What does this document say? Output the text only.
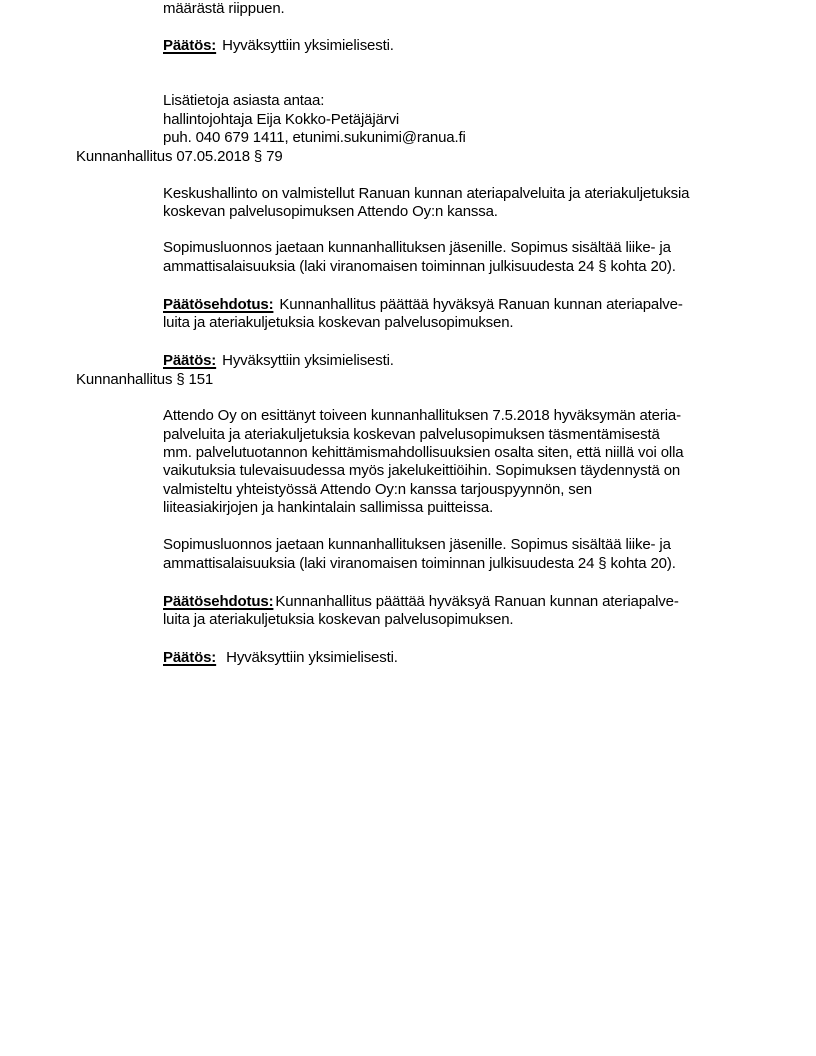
määrästä riippuen.
Päätös: Hyväksyttiin yksimielisesti.
Lisätietoja asiasta antaa:
hallintojohtaja Eija Kokko-Petäjäjärvi
puh. 040 679 1411, etunimi.sukunimi@ranua.fi
Kunnanhallitus 07.05.2018 § 79
Keskushallinto on valmistellut Ranuan kunnan ateriapalveluita ja ateriakuljetuksia
koskevan palvelusopimuksen Attendo Oy:n kanssa.
Sopimusluonnos jaetaan kunnanhallituksen jäsenille. Sopimus sisältää liike- ja
ammattisalaisuuksia (laki viranomaisen toiminnan julkisuudesta 24 § kohta 20).
Päätösehdotus: Kunnanhallitus päättää hyväksyä Ranuan kunnan ateriapalve-
luita ja ateriakuljetuksia koskevan palvelusopimuksen.
Päätös: Hyväksyttiin yksimielisesti.
Kunnanhallitus § 151
Attendo Oy on esittänyt toiveen kunnanhallituksen 7.5.2018 hyväksymän ateria-
palveluita ja ateriakuljetuksia koskevan palvelusopimuksen täsmentämisestä
mm. palvelutuotannon kehittämismahdollisuuksien osalta siten, että niillä voi olla
vaikutuksia tulevaisuudessa myös jakelukeittiöihin. Sopimuksen täydennystä on
valmisteltu yhteistyössä Attendo Oy:n kanssa tarjouspyynnön, sen
liiteasiakirjojen ja hankintalain sallimissa puitteissa.
Sopimusluonnos jaetaan kunnanhallituksen jäsenille. Sopimus sisältää liike- ja
ammattisalaisuuksia (laki viranomaisen toiminnan julkisuudesta 24 § kohta 20).
Päätösehdotus: Kunnanhallitus päättää hyväksyä Ranuan kunnan ateriapalve-
luita ja ateriakuljetuksia koskevan palvelusopimuksen.
Päätös: Hyväksyttiin yksimielisesti.
